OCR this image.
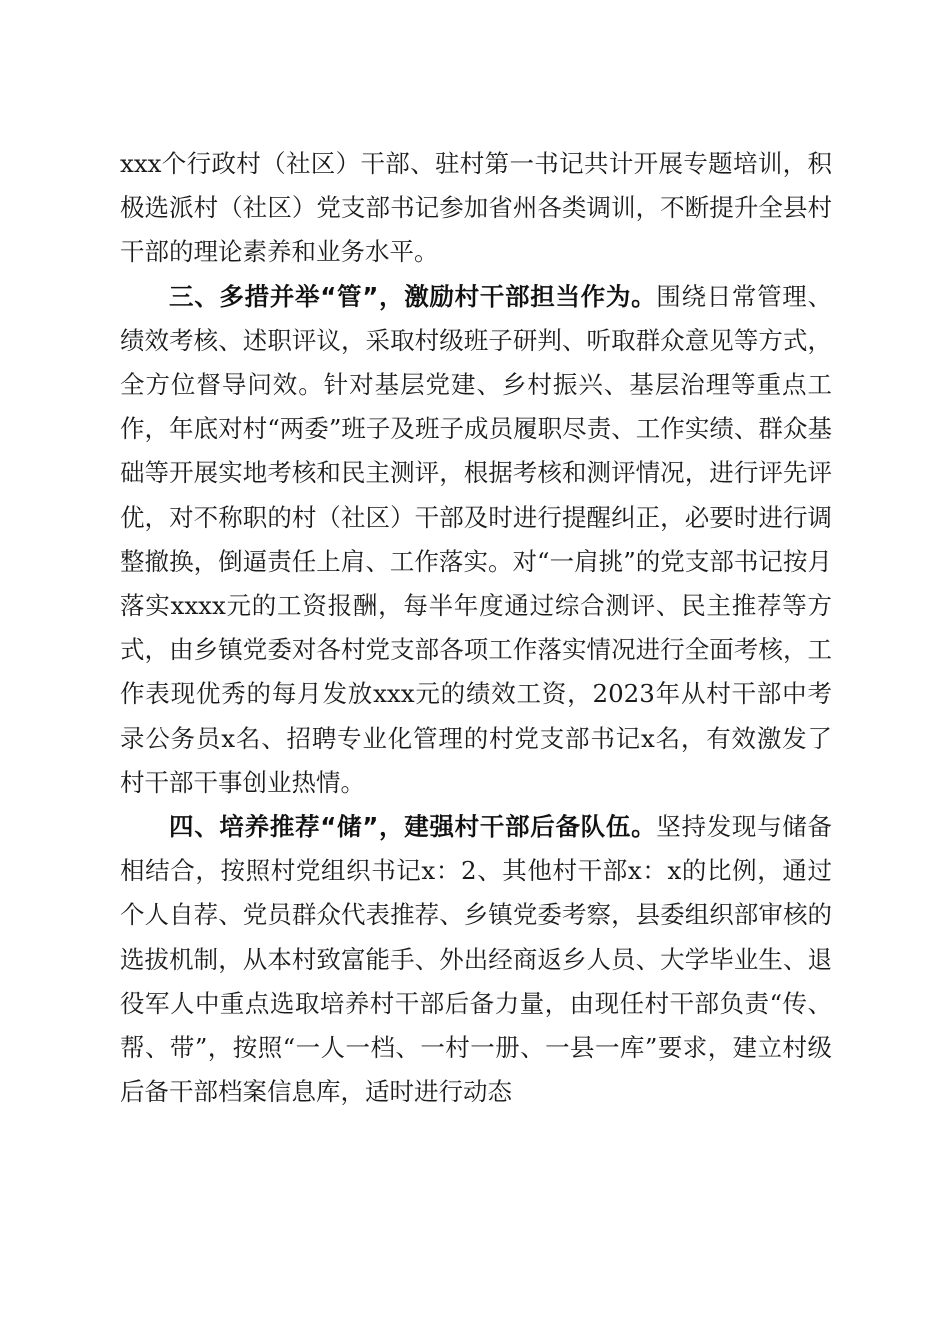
xxx个行政村（社区）干部、驻村第一书记共计开展专题培训，积极选派村（社区）党支部书记参加省州各类调训，不断提升全县村干部的理论素养和业务水平。

三、多措并举“管”，激励村干部担当作为。围绕日常管理、绩效考核、述职评议，采取村级班子研判、听取群众意见等方式，全方位督导问效。针对基层党建、乡村振兴、基层治理等重点工作，年底对村“两委”班子及班子成员履职尽责、工作实绩、群众基础等开展实地考核和民主测评，根据考核和测评情况，进行评先评优，对不称职的村（社区）干部及时进行提醒纠正，必要时进行调整撤换，倒逼责任上肩、工作落实。对“一肩挑”的党支部书记按月落实xxxx元的工资报酬，每半年度通过综合测评、民主推荐等方式，由乡镇党委对各村党支部各项工作落实情况进行全面考核，工作表现优秀的每月发放xxx元的绩效工资，2023年从村干部中考录公务员x名、招聘专业化管理的村党支部书记x名，有效激发了村干部干事创业热情。

四、培养推荐“储”，建强村干部后备队伍。坚持发现与储备相结合，按照村党组织书记x：2、其他村干部x：x的比例，通过个人自荐、党员群众代表推荐、乡镇党委考察，县委组织部审核的选拔机制，从本村致富能手、外出经商返乡人员、大学毕业生、退役军人中重点选取培养村干部后备力量，由现任村干部负责“传、帮、带”，按照“一人一档、一村一册、一县一库”要求，建立村级后备干部档案信息库，适时进行动态
